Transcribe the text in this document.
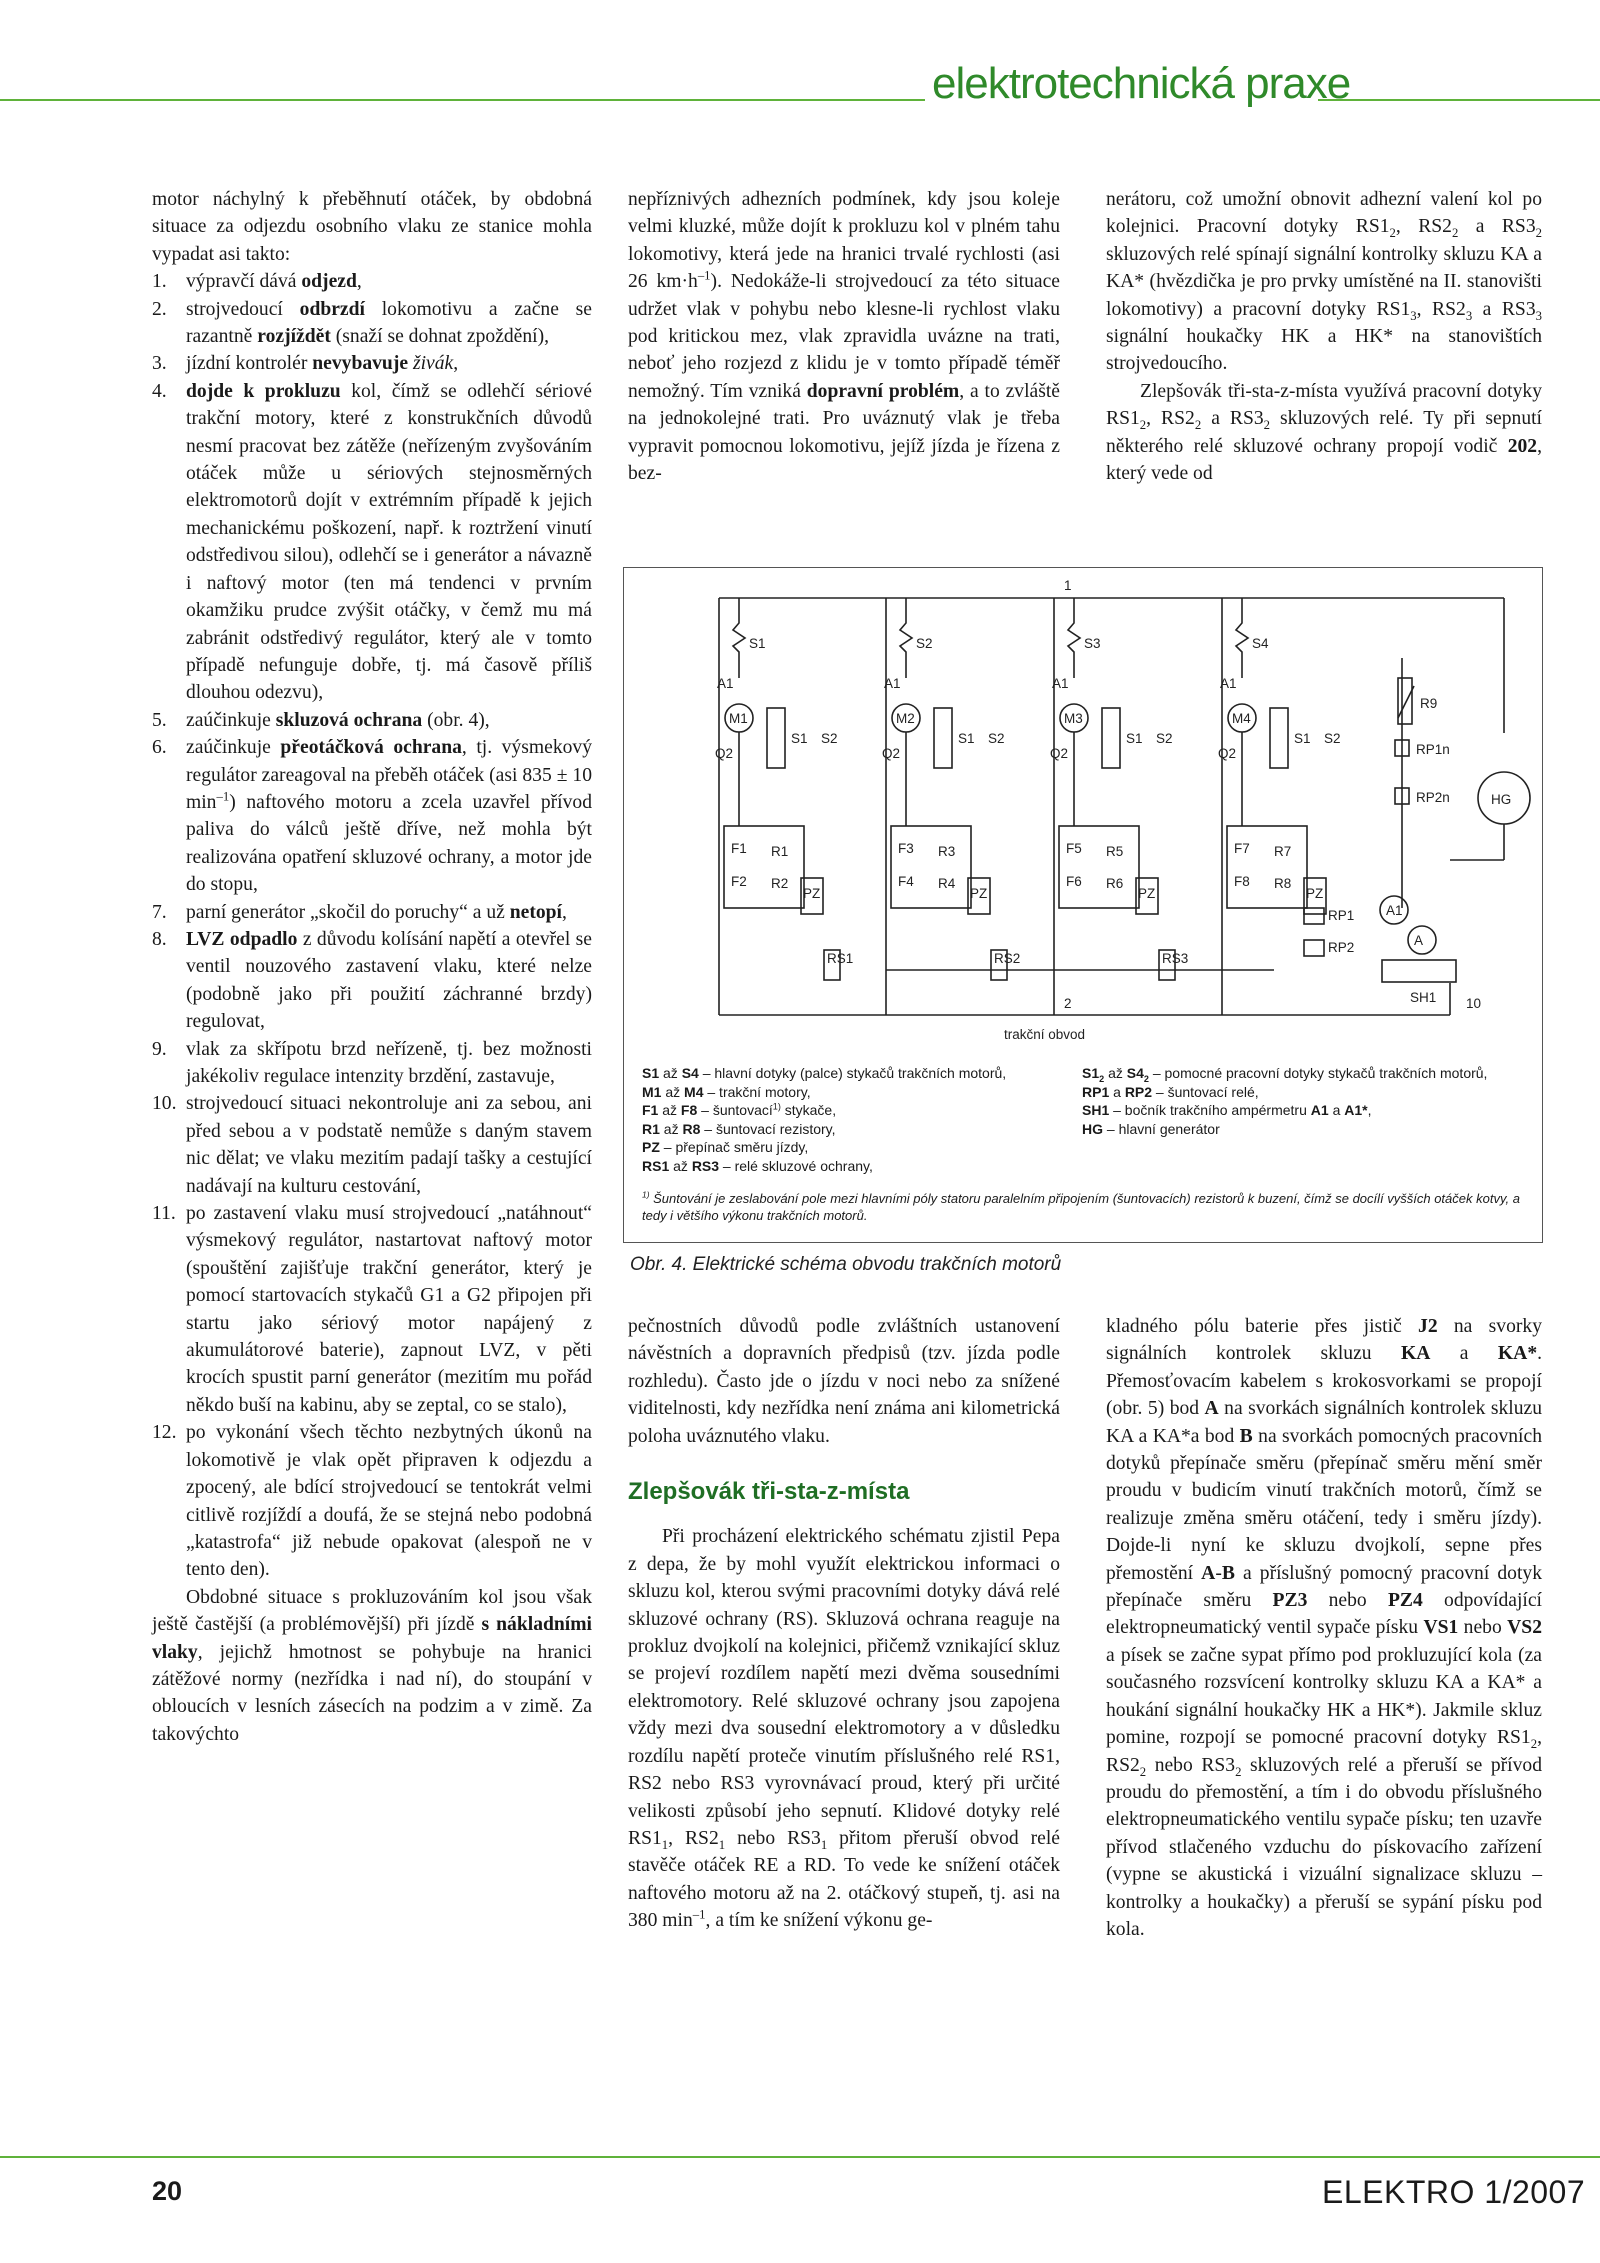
elektrotechnická praxe

motor náchylný k přeběhnutí otáček, by obdobná situace za odjezdu osobního vlaku ze stanice mohla vypadat asi takto:

1. výpravčí dává odjezd,
2. strojvedoucí odbrzdí lokomotivu a začne se razantně rozjíždět (snaží se dohnat zpoždění),
3. jízdní kontrolér nevybavuje živák,
4. dojde k prokluzu kol, čímž se odlehčí sériové trakční motory, které z konstrukčních důvodů nesmí pracovat bez zátěže (neřízeným zvyšováním otáček může u sériových stejnosměrných elektromotorů dojít v extrémním případě k jejich mechanickému poškození, např. k roztržení vinutí odstředivou silou), odlehčí se i generátor a návazně i naftový motor (ten má tendenci v prvním okamžiku prudce zvýšit otáčky, v čemž mu má zabránit odstředivý regulátor, který ale v tomto případě nefunguje dobře, tj. má časově příliš dlouhou odezvu),
5. zaúčinkuje skluzová ochrana (obr. 4),
6. zaúčinkuje přeotáčková ochrana, tj. výsmekový regulátor zareagoval na přeběh otáček (asi 835 ± 10 $\min^{-1}$) naftového motoru a zcela uzavřel přívod paliva do válců ještě dříve, než mohla být realizována opatření skluzové ochrany, a motor jde do stopu,
7. parní generátor „skočil do poruchy“ a už netopí,
8. LVZ odpadlo z důvodu kolísání napětí a otevřel se ventil nouzového zastavení vlaku, které nelze (podobně jako při použití záchranné brzdy) regulovat,
9. vlak za skřípotu brzd neřízeně, tj. bez možnosti jakékoliv regulace intenzity brzdění, zastavuje,
10. strojvedoucí situaci nekontroluje ani za sebou, ani před sebou a v podstatě nemůže s daným stavem nic dělat; ve vlaku mezitím padají tašky a cestující nadávají na kulturu cestování,
11. po zastavení vlaku musí strojvedoucí „natáhnout“ výsmekový regulátor, nastartovat naftový motor (spouštění zajišťuje trakční generátor, který je pomocí startovacích stykačů G1 a G2 připojen při startu jako sériový motor napájený z akumulátorové baterie), zapnout LVZ, v pěti krocích spustit parní generátor (mezitím mu pořád někdo buší na kabinu, aby se zeptal, co se stalo),
12. po vykonání všech těchto nezbytných úkonů na lokomotivě je vlak opět připraven k odjezdu a zpocený, ale bdící strojvedoucí se tentokrát velmi citlivě rozjíždí a doufá, že se stejná nebo podobná „katastrofa“ již nebude opakovat (alespoň ne v tento den).

Obdobné situace s prokluzováním kol jsou však ještě častější (a problémovější) při jízdě s nákladními vlaky, jejichž hmotnost se pohybuje na hranici zátěžové normy (nezřídka i nad ní), do stoupání v obloucích v lesních zásecích na podzim a v zimě. Za takovýchto

nepříznivých adhezních podmínek, kdy jsou koleje velmi kluzké, může dojít k prokluzu kol v plném tahu lokomotivy, která jede na hranici trvalé rychlosti (asi 26 $km\cdot h^{-1}$). Nedokáže-li strojvedoucí za této situace udržet vlak v pohybu nebo klesne-li rychlost vlaku pod kritickou mez, vlak zpravidla uvázne na trati, neboť jeho rozjezd z klidu je v tomto případě téměř nemožný. Tím vzniká dopravní problém, a to zvláště na jednokolejné trati. Pro uváznutý vlak je třeba vypravit pomocnou lokomotivu, jejíž jízda je řízena z bez-

nerátoru, což umožní obnovit adhezní valení kol po kolejnici. Pracovní dotyky $RS1_2$, $RS2_2$ a $RS3_2$ skluzových relé spínají signální kontrolky skluzu KA a KA* (hvězdička je pro prvky umístěné na II. stanovišti lokomotivy) a pracovní dotyky $RS1_3$, $RS2_3$ a $RS3_3$ signální houkačky HK a HK* na stanovištích strojvedoucího.

Zlepšovák tři-sta-z-místa využívá pracovní dotyky $RS1_2$, $RS2_2$ a $RS3_2$ skluzových relé. Ty při sepnutí některého relé skluzové ochrany propojí vodič 202, který vede od

S1
A1
M1
Q2
S1 S2
F1
F2
R1
R2
PZ
RS1
S2
A1
M2
Q2
S1 S2
F3
F4
R3
R4
PZ
RS2
S3
A1
M3
Q2
S1 S2
F5
F6
R5
R6
PZ
RS3
S4
A1
M4
Q2
S1 S2
F7
F8
R7
R8
PZ
HG
R9
RP1n
RP2n
A1
A
SH1
RP1
RP2
1
2	10
trakční obvod
S1 až S4 – hlavní dotyky (palce) stykačů trakčních motorů,
M1 až M4 – trakční motory,
F1 až F8 – šuntovací$^{1)}$ stykače,
R1 až R8 – šuntovací rezistory,
PZ – přepínač směru jízdy,
RS1 až RS3 – relé skluzové ochrany,
$S1_2$ až $S4_2$ – pomocné pracovní dotyky stykačů trakčních motorů,
RP1 a RP2 – šuntovací relé,
SH1 – bočník trakčního ampérmetru A1 a A1*,
HG – hlavní generátor
$^{1)}$ Šuntování je zeslabování pole mezi hlavními póly statoru paralelním připojením (šuntovacích) rezistorů k buzení, čímž se docílí vyšších otáček kotvy, a tedy i většího výkonu trakčních motorů.
Obr. 4. Elektrické schéma obvodu trakčních motorů

pečnostních důvodů podle zvláštních ustanovení návěstních a dopravních předpisů (tzv. jízda podle rozhledu). Často jde o jízdu v noci nebo za snížené viditelnosti, kdy nezřídka není známa ani kilometrická poloha uváznutého vlaku.

Zlepšovák tři-sta-z-místa

Při procházení elektrického schématu zjistil Pepa z depa, že by mohl využít elektrickou informaci o skluzu kol, kterou svými pracovními dotyky dává relé skluzové ochrany (RS). Skluzová ochrana reaguje na prokluz dvojkolí na kolejnici, přičemž vznikající skluz se projeví rozdílem napětí mezi dvěma sousedními elektromotory. Relé skluzové ochrany jsou zapojena vždy mezi dva sousední elektromotory a v důsledku rozdílu napětí proteče vinutím příslušného relé RS1, RS2 nebo RS3 vyrovnávací proud, který při určité velikosti způsobí jeho sepnutí. Klidové dotyky relé $RS1_1$, $RS2_1$ nebo $RS3_1$ přitom přeruší obvod relé stavěče otáček RE a RD. To vede ke snížení otáček naftového motoru až na 2. otáčkový stupeň, tj. asi na 380 $\min^{-1}$, a tím ke snížení výkonu ge-

kladného pólu baterie přes jistič J2 na svorky signálních kontrolek skluzu KA a KA*. Přemosťovacím kabelem s krokosvorkami se propojí (obr. 5) bod A na svorkách signálních kontrolek skluzu KA a KA*a bod B na svorkách pomocných pracovních dotyků přepínače směru (přepínač směru mění směr proudu v budicím vinutí trakčních motorů, čímž se realizuje změna směru otáčení, tedy i směru jízdy). Dojde-li nyní ke skluzu dvojkolí, sepne přes přemostění A-B a příslušný pomocný pracovní dotyk přepínače směru PZ3 nebo PZ4 odpovídající elektropneumatický ventil sypače písku VS1 nebo VS2 a písek se začne sypat přímo pod prokluzující kola (za současného rozsvícení kontrolky skluzu KA a KA* a houkání signální houkačky HK a HK*). Jakmile skluz pomine, rozpojí se pomocné pracovní dotyky $RS1_2$, $RS2_2$ nebo $RS3_2$ skluzových relé a přeruší se přívod proudu do přemostění, a tím i do obvodu příslušného elektropneumatického ventilu sypače písku; ten uzavře přívod stlačeného vzduchu do pískovacího zařízení (vypne se akustická i vizuální signalizace skluzu – kontrolky a houkačky) a přeruší se sypání písku pod kola.

20	ELEKTRO 1/2007
